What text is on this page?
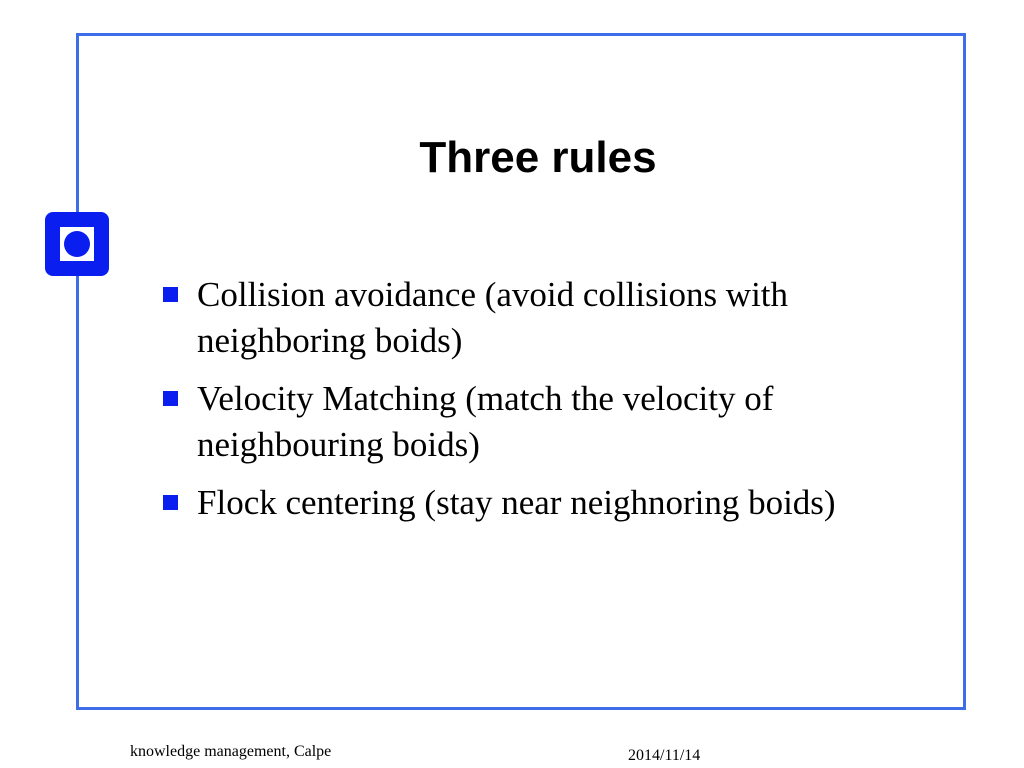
Three rules
Collision avoidance (avoid collisions with neighboring boids)
Velocity Matching (match the velocity of neighbouring boids)
Flock centering (stay near neighnoring boids)
knowledge management, Calpe	2014/11/14
